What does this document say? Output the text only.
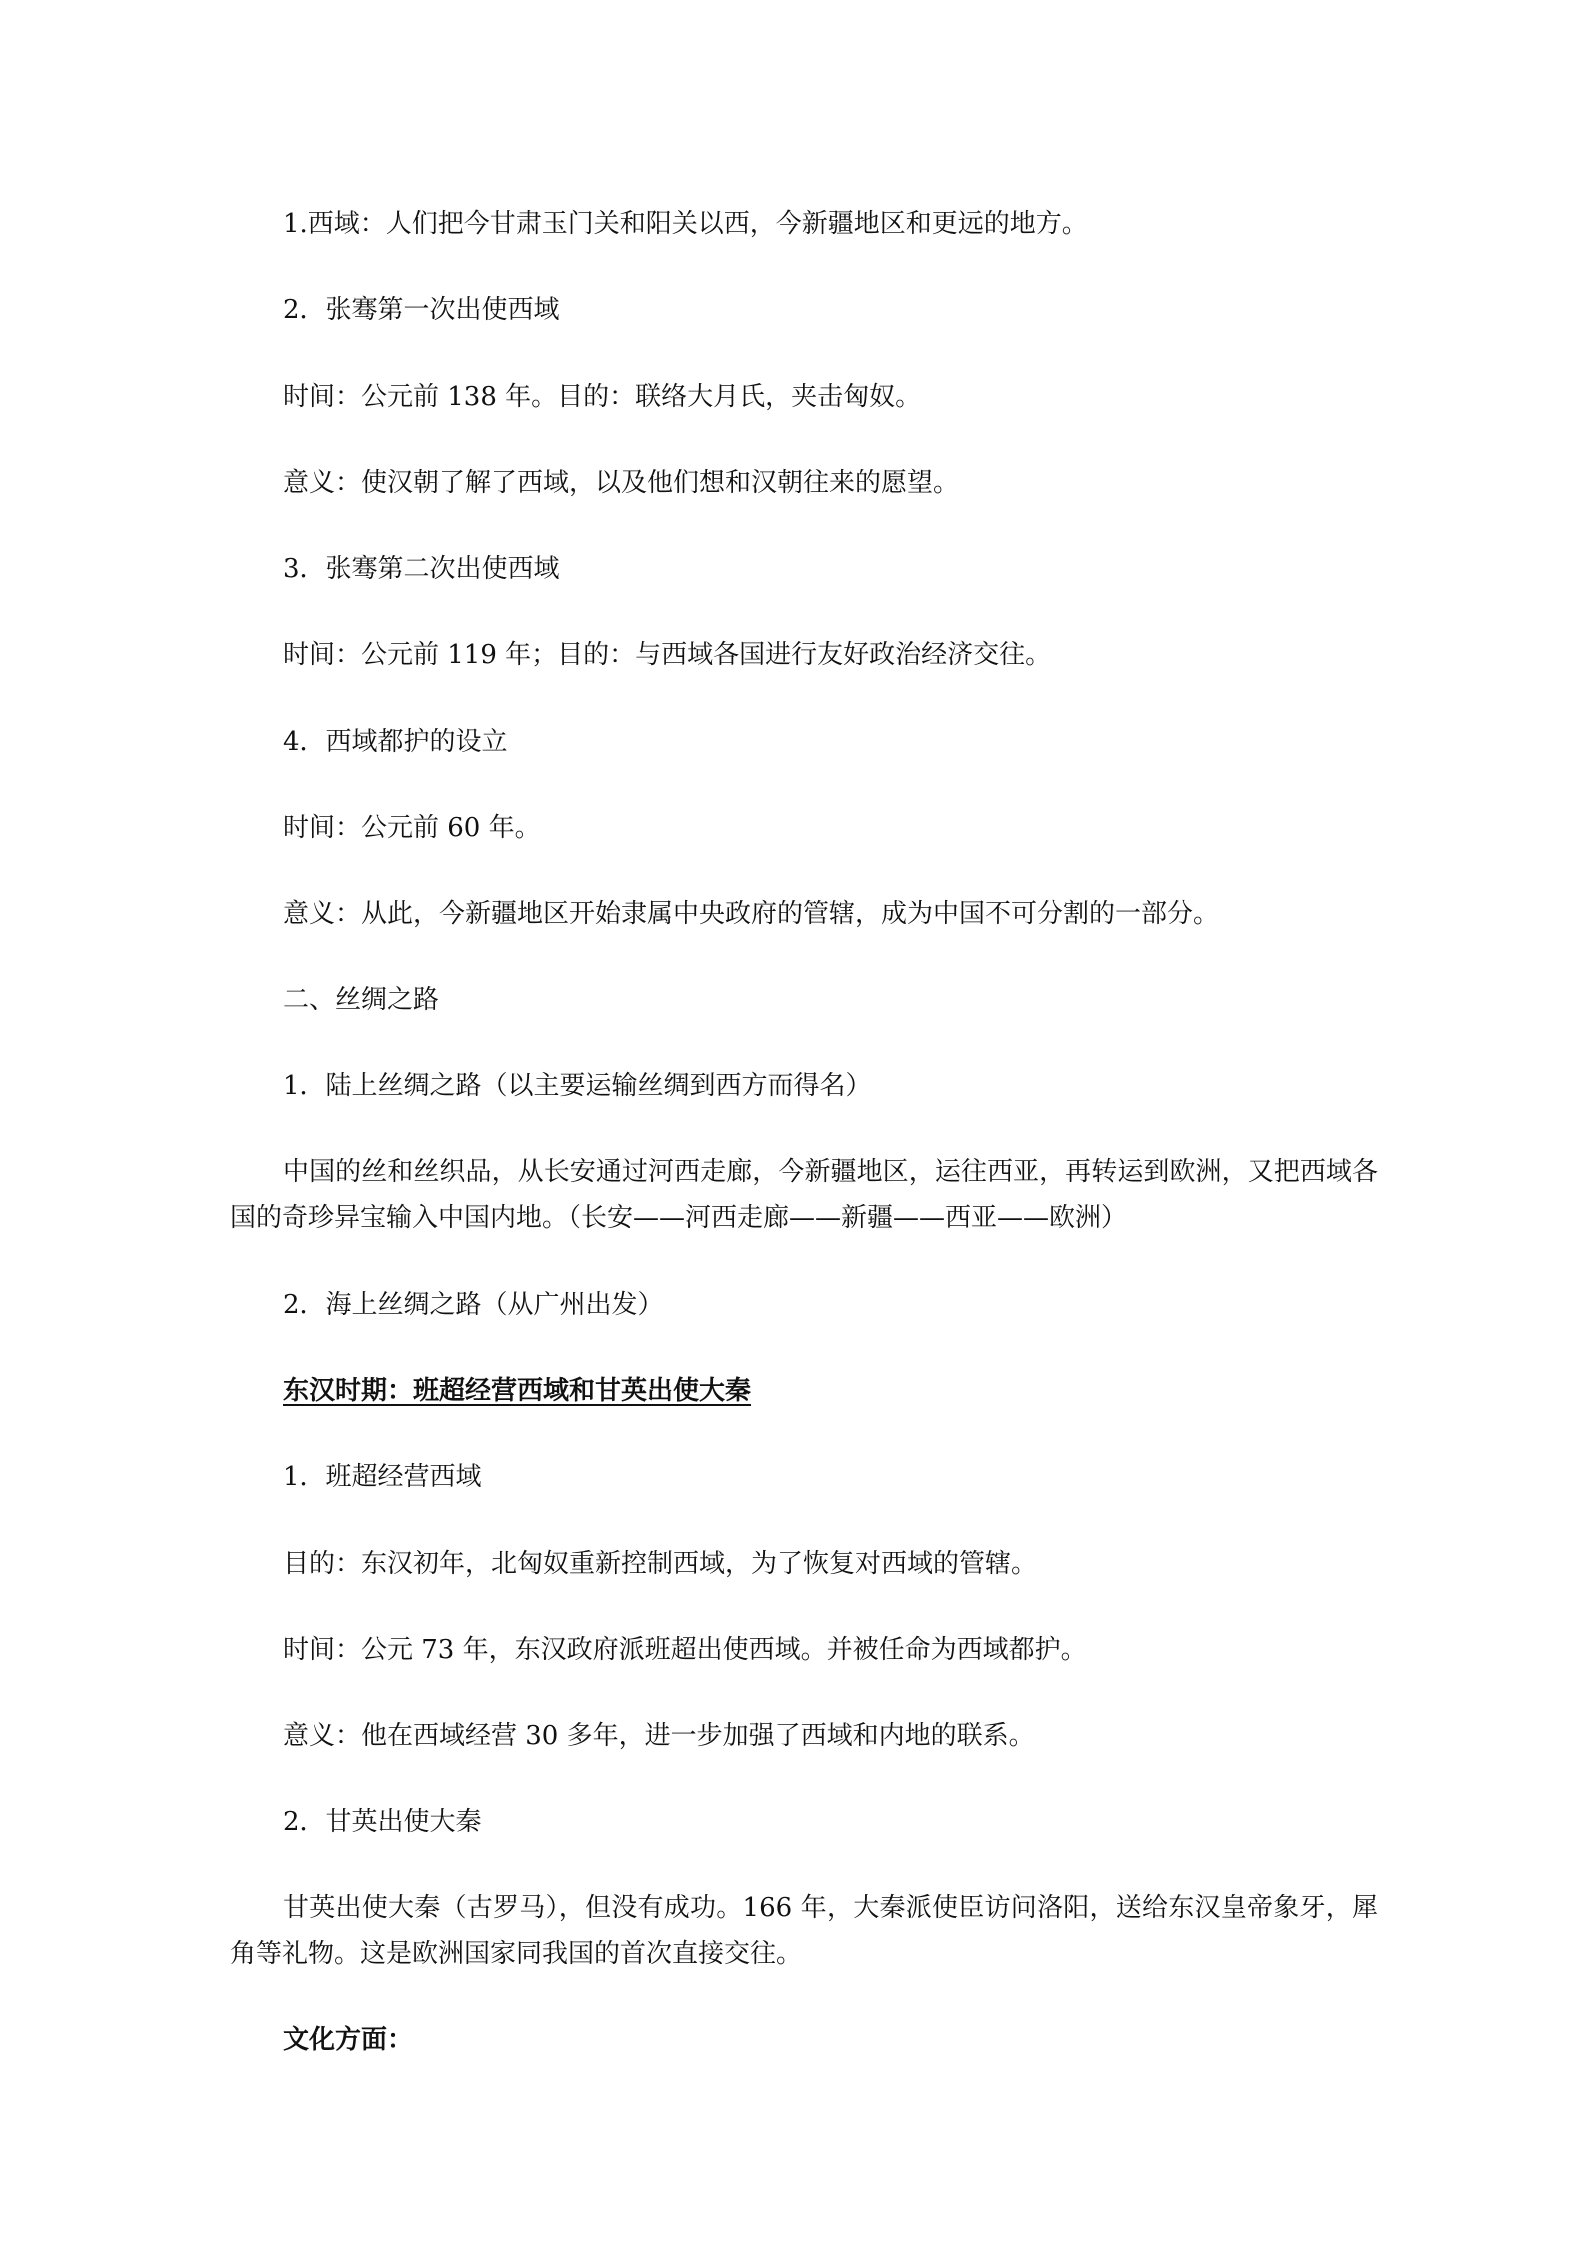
1.西域：人们把今甘肃玉门关和阳关以西，今新疆地区和更远的地方。
2．张骞第一次出使西域
时间：公元前 138 年。目的：联络大月氏，夹击匈奴。
意义：使汉朝了解了西域，以及他们想和汉朝往来的愿望。
3．张骞第二次出使西域
时间：公元前 119 年；目的：与西域各国进行友好政治经济交往。
4．西域都护的设立
时间：公元前 60 年。
意义：从此，今新疆地区开始隶属中央政府的管辖，成为中国不可分割的一部分。
二、丝绸之路
1．陆上丝绸之路（以主要运输丝绸到西方而得名）
中国的丝和丝织品，从长安通过河西走廊，今新疆地区，运往西亚，再转运到欧洲，又把西域各国的奇珍异宝输入中国内地。（长安——河西走廊——新疆——西亚——欧洲）
2．海上丝绸之路（从广州出发）
东汉时期：班超经营西域和甘英出使大秦
1．班超经营西域
目的：东汉初年，北匈奴重新控制西域，为了恢复对西域的管辖。
时间：公元 73 年，东汉政府派班超出使西域。并被任命为西域都护。
意义：他在西域经营 30 多年，进一步加强了西域和内地的联系。
2．甘英出使大秦
甘英出使大秦（古罗马），但没有成功。166 年，大秦派使臣访问洛阳，送给东汉皇帝象牙，犀角等礼物。这是欧洲国家同我国的首次直接交往。
文化方面：
